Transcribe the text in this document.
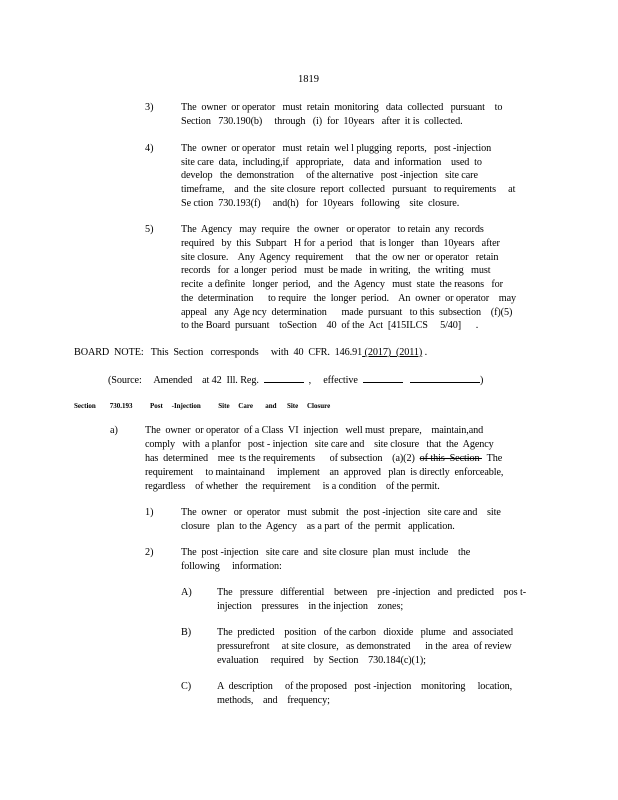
1819
3)	The  owner  or operator   must  retain  monitoring   data  collected   pursuant    to
Section   730.190(b)     through   (i)  for  10years   after  it is  collected.
4)	The  owner  or operator   must  retain  wel l plugging  reports,   post -injection
site care  data,  including,if   appropriate,    data  and  information    used  to
develop   the  demonstration     of the alternative   post -injection   site care
timeframe,    and  the  site closure  report  collected   pursuant   to requirements     at
Se ction  730.193(f)     and(h)   for  10years   following    site  closure.
5)	The  Agency   may  require   the  owner   or operator   to retain  any  records
required   by  this  Subpart   H for  a period   that  is longer   than  10years   after
site closure.    Any  Agency  requirement     that  the  ow ner  or operator   retain
records   for  a longer  period   must  be made   in writing,   the  writing   must
recite  a definite   longer  period,   and  the  Agency   must  state  the reasons   for
the  determination      to require   the  longer  period.    An  owner  or operator    may
appeal   any  Age ncy  determination      made  pursuant   to this  subsection    (f)(5)
to the Board  pursuant    toSection    40  of the  Act  [415ILCS     5/40]      .
BOARD  NOTE: This  Section   corresponds     with  40  CFR.  146.91 (2017)  (2011) .
(Source:     Amended    at 42  Ill. Reg.	,     effective	)
Section        730.193          Post     -Injection          Site     Care       and      Site     Closure
a)	The  owner  or operator  of a Class  VI  injection   well must  prepare,    maintain,and
comply   with  a planfor   post - injection   site care and    site closure   that  the  Agency
has  determined    mee  ts the requirements      of subsection    (a)(2)  of this  Section   The
requirement     to maintainand     implement    an  approved   plan  is directly  enforceable,
regardless    of whether   the  requirement     is a condition    of the permit.
1)	The  owner   or  operator   must  submit   the  post -injection   site care and    site
closure   plan  to the  Agency    as a part  of  the  permit   application.
2)	The  post -injection   site care  and  site closure  plan  must  include    the
following     information:
A) The   pressure   differential    between    pre -injection   and  predicted    pos t-
injection    pressures    in the injection    zones;
B)	The  predicted    position   of the carbon   dioxide   plume   and  associated
pressurefront     at site closure,   as demonstrated      in the  area  of review
evaluation     required    by  Section    730.184(c)(1);
C)	A  description     of the proposed   post -injection    monitoring     location,
methods,    and    frequency;
